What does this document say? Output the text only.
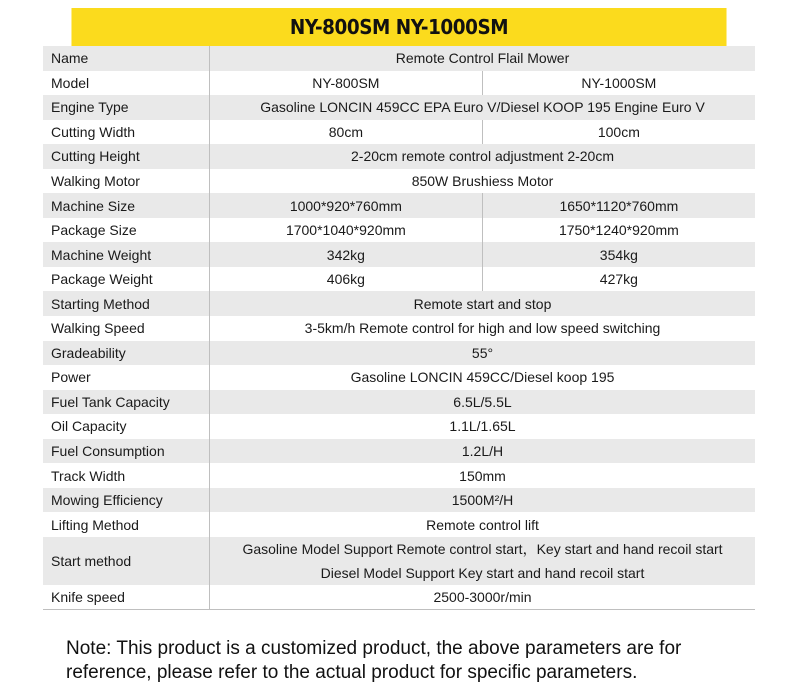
NY-800SM NY-1000SM
Name	Remote Control Flail Mower	
Model	NY-800SM	NY-1000SM
Engine Type	Gasoline LONCIN 459CC EPA Euro V/Diesel KOOP 195 Engine Euro V	
Cutting Width	80cm	100cm
Cutting Height	2-20cm remote control adjustment 2-20cm	
Walking Motor	850W Brushiess Motor	
Machine Size	1000*920*760mm	1650*1120*760mm
Package Size	1700*1040*920mm	1750*1240*920mm
Machine Weight	342kg	354kg
Package Weight	406kg	427kg
Starting Method	Remote start and stop	
Walking Speed	3-5km/h Remote control for high and low speed switching	
Gradeability	55°	
Power	Gasoline LONCIN 459CC/Diesel koop 195	
Fuel Tank Capacity	6.5L/5.5L	
Oil Capacity	1.1L/1.65L	
Fuel Consumption	1.2L/H	
Track Width	150mm	
Mowing Efficiency	1500M²/H	
Lifting Method	Remote control lift	
Start method	Gasoline Model Support Remote control start，Key start and hand recoil start
Diesel Model Support Key start and hand recoil start	

Knife speed	2500-3000r/min	
Note: This product is a customized product, the above parameters are for reference, please refer to the actual product for specific parameters.
